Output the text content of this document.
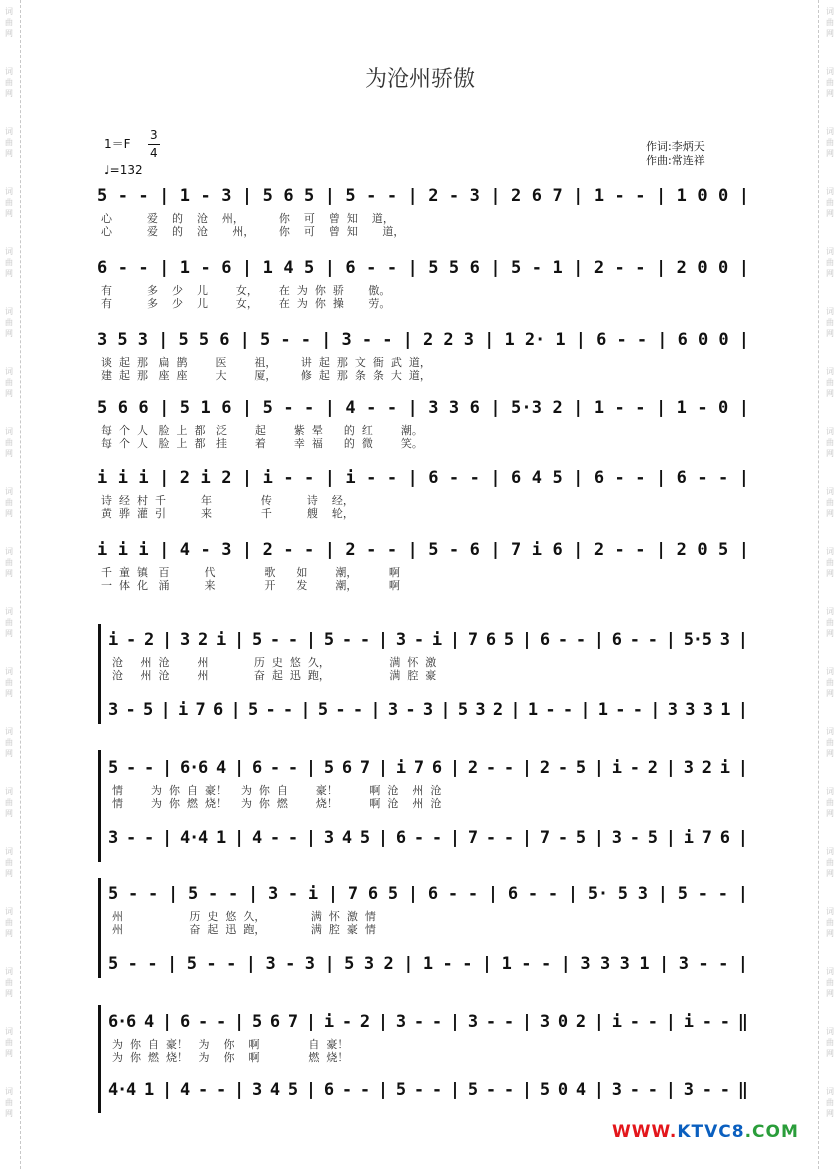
词
曲
网
词
曲
网
词
曲
网
词
曲
网
词
曲
网
词
曲
网
词
曲
网
词
曲
网
词
曲
网
词
曲
网
词
曲
网
词
曲
网
词
曲
网
词
曲
网
词
曲
网
词
曲
网
词
曲
网
词
曲
网
词
曲
网
词
曲
网
词
曲
网
词
曲
网
词
曲
网
词
曲
网
词
曲
网
词
曲
网
词
曲
网
词
曲
网
词
曲
网
词
曲
网
词
曲
网
词
曲
网
词
曲
网
词
曲
网
词
曲
网
词
曲
网
词
曲
网
词
曲
网
为沧州骄傲
1＝F
3
4
♩=132
作词:李炳天
作曲:常连祥
5 - - | 1 - 3 | 5 6 5 | 5 - - | 2 - 3 | 2 6 7 | 1 - - | 1 0 0 |
心          爱    的    沧    州，          你    可    曾  知    道，
心          爱    的    沧       州，       你    可    曾  知       道，
6 - - | 1 - 6 | 1 4 5 | 6 - - | 5 5 6 | 5 - 1 | 2 - - | 2 0 0 |
有          多    少    儿        女，      在  为  你  骄       傲。
有          多    少    儿        女，      在  为  你  操       劳。
3 5 3 | 5 5 6 | 5 - - | 3 - - | 2 2 3 | 1 2· 1 | 6 - - | 6 0 0 |
谈  起  那   扁  鹊        医        祖，       讲  起  那  文  衙  武  道，
建  起  那   座  座        大        厦，       修  起  那  条  条  大  道，
5 6 6 | 5 1 6 | 5 - - | 4 - - | 3 3 6 | 5·3 2 | 1 - - | 1 - 0 |
每  个  人   脸  上  都   泛        起        紫  晕      的  红        潮。
每  个  人   脸  上  都   挂        着        幸  福      的  微        笑。
i i i | 2 i 2 | i - - | i - - | 6 - - | 6 4 5 | 6 - - | 6 - - |
诗  经  村  千          年              传          诗    经，
黄  骅  灌  引          来              千          艘    轮，
i i i | 4 - 3 | 2 - - | 2 - - | 5 - 6 | 7 i 6 | 2 - - | 2 0 5 |
千  童  镇   百          代              歌      如        潮，         啊
一  体  化   涌          来              开      发        潮，         啊
i - 2 | 3 2 i | 5 - - | 5 - - | 3 - i | 7 6 5 | 6 - - | 6 - - | 5·5 3 |
沧     州  沧        州             历  史  悠  久，                 满  怀  激
沧     州  沧        州             奋  起  迅  跑，                 满  腔  豪
3 - 5 | i 7 6 | 5 - - | 5 - - | 3 - 3 | 5 3 2 | 1 - - | 1 - - | 3 3 3 1 |
5 - - | 6·6 4 | 6 - - | 5 6 7 | i 7 6 | 2 - - | 2 - 5 | i - 2 | 3 2 i |
情        为  你  自  豪！    为  你  自        豪！         啊  沧    州  沧
情        为  你  燃  烧！    为  你  燃        烧！         啊  沧    州  沧
3 - - | 4·4 1 | 4 - - | 3 4 5 | 6 - - | 7 - - | 7 - 5 | 3 - 5 | i 7 6 |
5 - - | 5 - - | 3 - i | 7 6 5 | 6 - - | 6 - - | 5· 5 3 | 5 - - |
州                   历  史  悠  久，             满  怀  激  情
州                   奋  起  迅  跑，             满  腔  豪  情
5 - - | 5 - - | 3 - 3 | 5 3 2 | 1 - - | 1 - - | 3 3 3 1 | 3 - - |
6·6 4 | 6 - - | 5 6 7 | i - 2 | 3 - - | 3 - - | 3 0 2 | i - - | i - - ‖
为  你  自  豪！   为    你    啊              自  豪！
为  你  燃  烧！   为    你    啊              燃  烧！
4·4 1 | 4 - - | 3 4 5 | 6 - - | 5 - - | 5 - - | 5 0 4 | 3 - - | 3 - - ‖
WWW.KTVC8.COM
